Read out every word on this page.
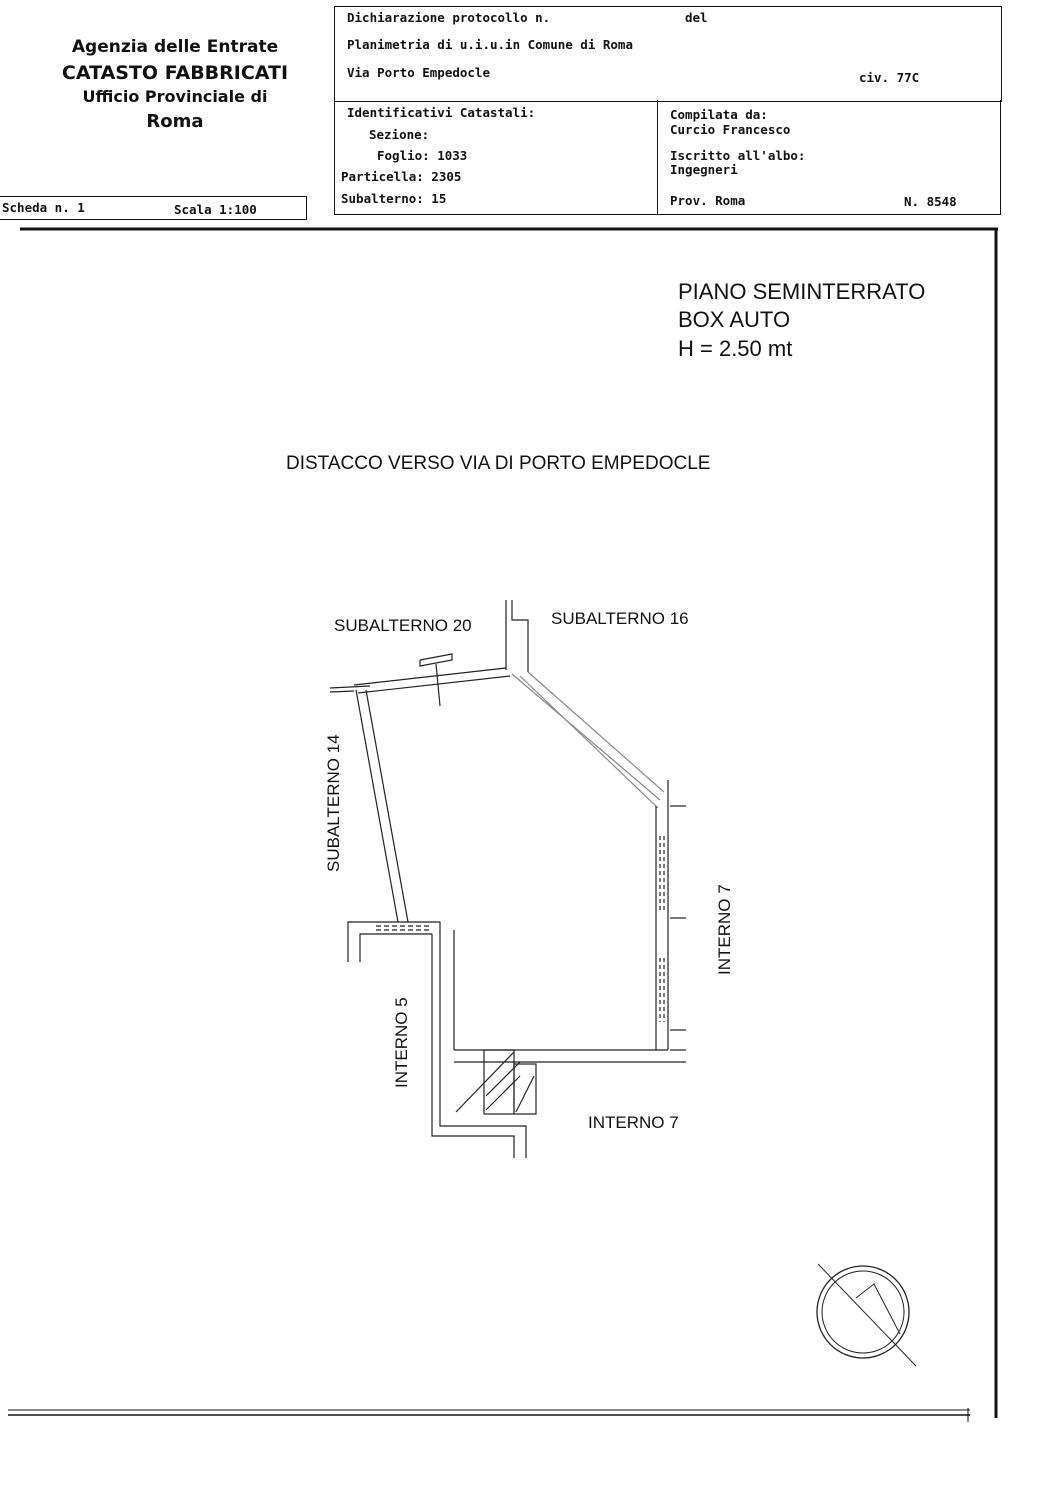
Agenzia delle Entrate
CATASTO FABBRICATI
Ufficio Provinciale di
Roma
Scheda n. 1	Scala 1:100
Dichiarazione protocollo n.	del
Planimetria di u.i.u.in Comune di Roma
Via Porto Empedocle	civ. 77C
Identificativi Catastali:
Sezione:
Foglio: 1033
Particella: 2305
Subalterno: 15
Compilata da:
Curcio Francesco
Iscritto all'albo:
Ingegneri
Prov. Roma	N. 8548
PIANO SEMINTERRATO
BOX AUTO
H = 2.50 mt
DISTACCO VERSO VIA DI PORTO EMPEDOCLE
SUBALTERNO 20	SUBALTERNO 16
SUBALTERNO 14
INTERNO 7
INTERNO 5
INTERNO 7
